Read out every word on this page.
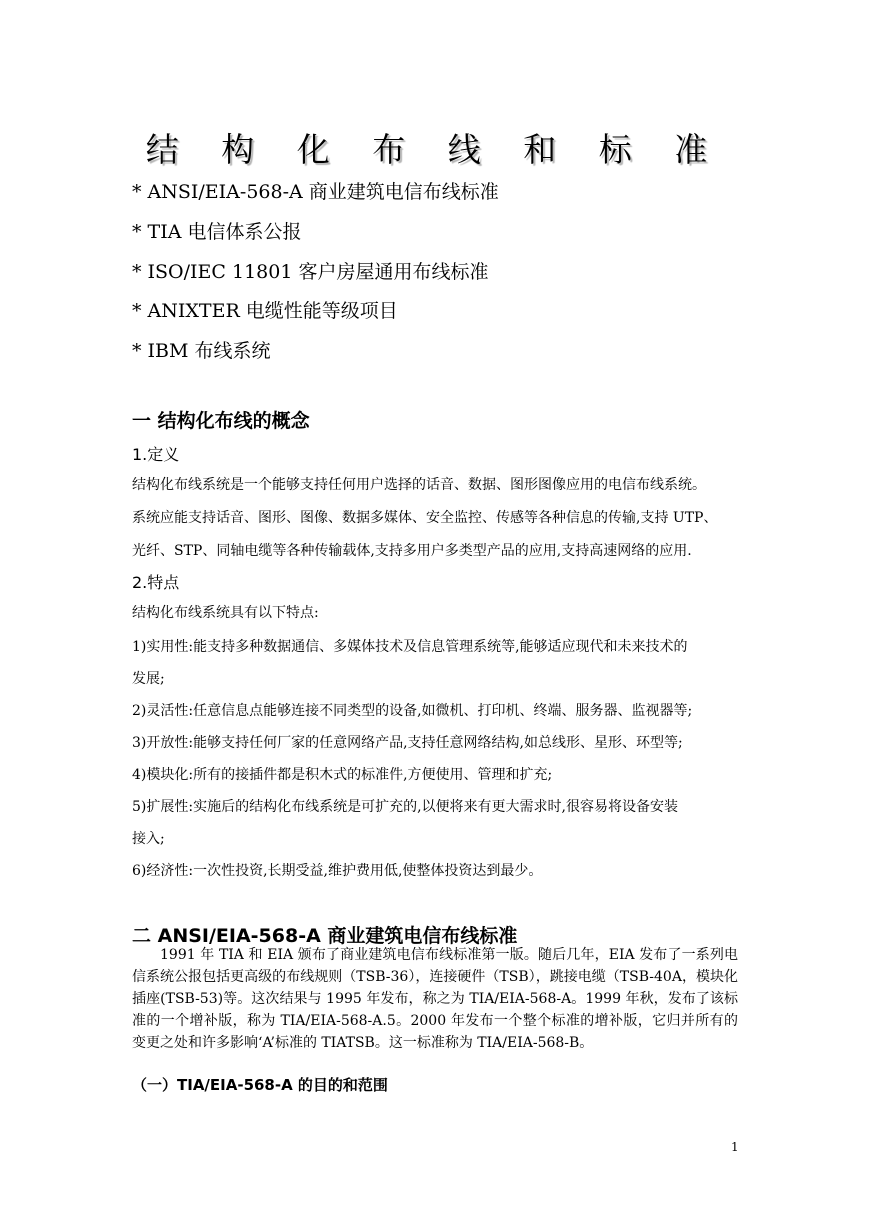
结 构 化 布 线 和 标 准
* ANSI/EIA-568-A 商业建筑电信布线标准
* TIA 电信体系公报
* ISO/IEC 11801 客户房屋通用布线标准
* ANIXTER 电缆性能等级项目
* IBM 布线系统
一 结构化布线的概念
1.定义
结构化布线系统是一个能够支持任何用户选择的话音、数据、图形图像应用的电信布线系统。
系统应能支持话音、图形、图像、数据多媒体、安全监控、传感等各种信息的传输,支持 UTP、
光纤、STP、同轴电缆等各种传输载体,支持多用户多类型产品的应用,支持高速网络的应用.
2.特点
结构化布线系统具有以下特点:
1)实用性:能支持多种数据通信、多媒体技术及信息管理系统等,能够适应现代和未来技术的
发展;
2)灵活性:任意信息点能够连接不同类型的设备,如微机、打印机、终端、服务器、监视器等;
3)开放性:能够支持任何厂家的任意网络产品,支持任意网络结构,如总线形、星形、环型等;
4)模块化:所有的接插件都是积木式的标准件,方便使用、管理和扩充;
5)扩展性:实施后的结构化布线系统是可扩充的,以便将来有更大需求时,很容易将设备安装
接入;
6)经济性:一次性投资,长期受益,维护费用低,使整体投资达到最少。
二 ANSI/EIA-568-A 商业建筑电信布线标准
1991 年 TIA 和 EIA 颁布了商业建筑电信布线标准第一版。随后几年，EIA 发布了一系列电信系统公报包括更高级的布线规则（TSB-36），连接硬件（TSB），跳接电缆（TSB-40A，模块化插座(TSB-53)等。这次结果与 1995 年发布，称之为 TIA/EIA-568-A。1999 年秋，发布了该标准的一个增补版，称为 TIA/EIA-568-A.5。2000 年发布一个整个标准的增补版，它归并所有的变更之处和许多影响‘A’标准的 TIATSB。这一标准称为 TIA/EIA-568-B。
（一）TIA/EIA-568-A 的目的和范围
1
